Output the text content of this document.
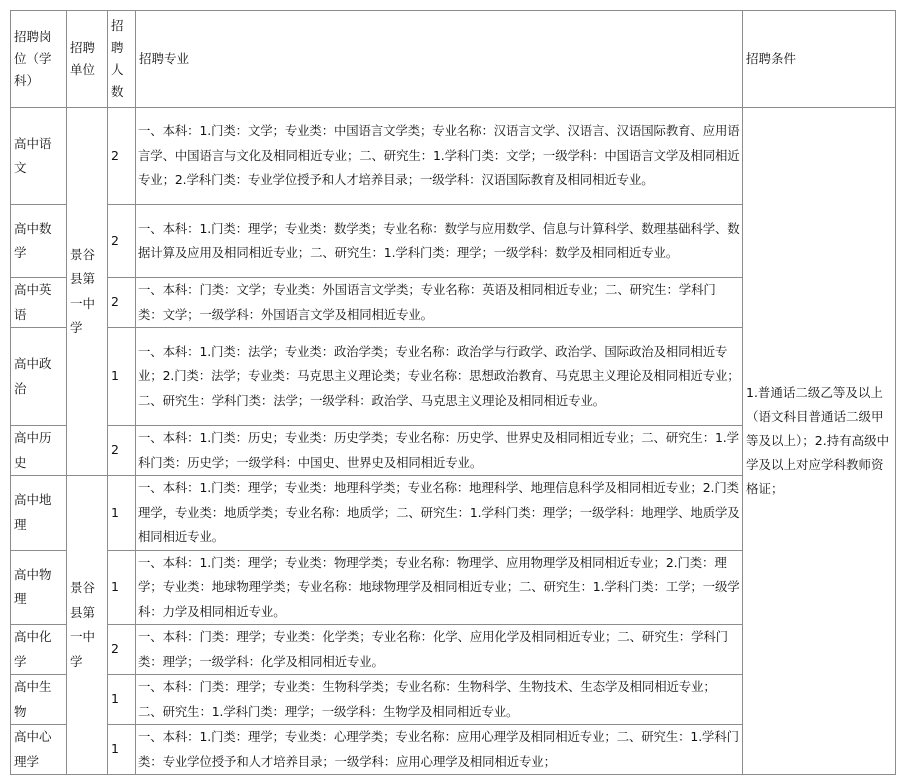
招聘岗位（学科）	招聘单位	招聘人数	招聘专业	招聘条件
高中语文	景谷县第一中学	2	一、本科：1.门类：文学；专业类：中国语言文学类；专业名称：汉语言文学、汉语言、汉语国际教育、应用语言学、中国语言与文化及相同相近专业；二、研究生：1.学科门类：文学；一级学科：中国语言文学及相同相近专业；2.学科门类：专业学位授予和人才培养目录；一级学科：汉语国际教育及相同相近专业。	1.普通话二级乙等及以上（语文科目普通话二级甲等及以上）；2.持有高级中学及以上对应学科教师资格证；
高中数学		2	一、本科：1.门类：理学；专业类：数学类；专业名称：数学与应用数学、信息与计算科学、数理基础科学、数据计算及应用及相同相近专业；二、研究生：1.学科门类：理学；一级学科：数学及相同相近专业。	
高中英语		2	一、本科：门类：文学；专业类：外国语言文学类；专业名称：英语及相同相近专业；二、研究生：学科门类：文学；一级学科：外国语言文学及相同相近专业。	
高中政治		1	一、本科：1.门类：法学；专业类：政治学类；专业名称：政治学与行政学、政治学、国际政治及相同相近专业；2.门类：法学；专业类：马克思主义理论类；专业名称：思想政治教育、马克思主义理论及相同相近专业；二、研究生：学科门类：法学；一级学科：政治学、马克思主义理论及相同相近专业。	
高中历史		2	一、本科：1.门类：历史；专业类：历史学类；专业名称：历史学、世界史及相同相近专业；二、研究生：1.学科门类：历史学；一级学科：中国史、世界史及相同相近专业。	
高中地理	景谷县第一中学	1	一、本科：1.门类：理学；专业类：地理科学类；专业名称：地理科学、地理信息科学及相同相近专业；2.门类理学，专业类：地质学类；专业名称：地质学；二、研究生：1.学科门类：理学；一级学科：地理学、地质学及相同相近专业。	
高中物理		1	一、本科：1.门类：理学；专业类：物理学类；专业名称：物理学、应用物理学及相同相近专业；2.门类：理学；专业类：地球物理学类；专业名称：地球物理学及相同相近专业；二、研究生：1.学科门类：工学；一级学科：力学及相同相近专业。	
高中化学		2	一、本科：门类：理学；专业类：化学类；专业名称：化学、应用化学及相同相近专业；二、研究生：学科门类：理学；一级学科：化学及相同相近专业。	
高中生物		1	一、本科：门类：理学；专业类：生物科学类；专业名称：生物科学、生物技术、生态学及相同相近专业；二、研究生：1.学科门类：理学；一级学科：生物学及相同相近专业。	
高中心理学		1	一、本科：1.门类：理学；专业类：心理学类；专业名称：应用心理学及相同相近专业；二、研究生：1.学科门类：专业学位授予和人才培养目录；一级学科：应用心理学及相同相近专业；	
